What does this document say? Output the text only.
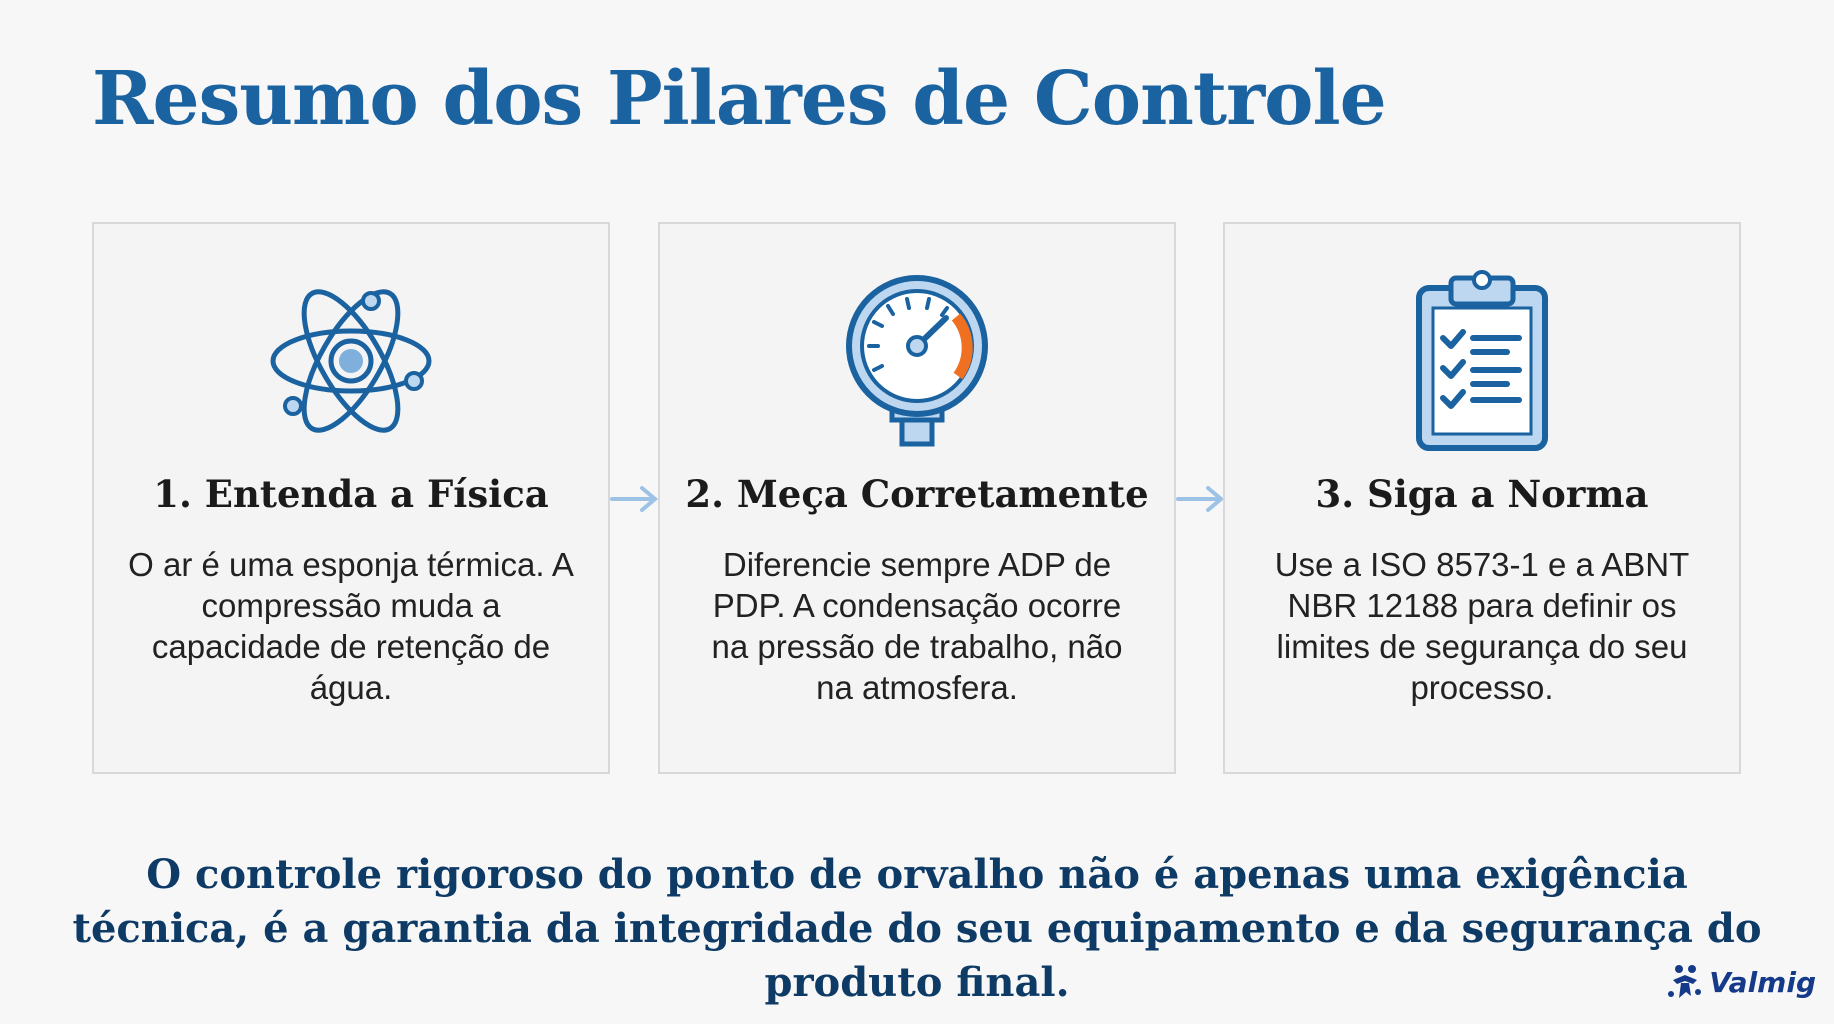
Resumo dos Pilares de Controle
1. Entenda a Física

O ar é uma esponja térmica. A compressão muda a capacidade de retenção de água.

2. Meça Corretamente

Diferencie sempre ADP de PDP. A condensação ocorre na pressão de trabalho, não na atmosfera.

3. Siga a Norma

Use a ISO 8573-1 e a ABNT NBR 12188 para definir os limites de segurança do seu processo.

O controle rigoroso do ponto de orvalho não é apenas uma exigência técnica, é a garantia da integridade do seu equipamento e da segurança do produto final.	Valmig
